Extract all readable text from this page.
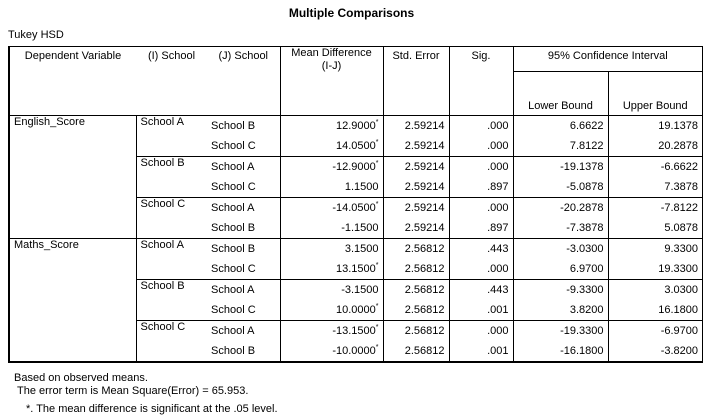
Multiple Comparisons
Tukey HSD
Dependent Variable	(I) School	(J) School	Mean Difference (I-J)	Std. Error	Sig.	95% Confidence Interval	
						Lower Bound	Upper Bound
English_Score	School A	School B	12.9000*	2.59214	.000	6.6622	19.1378
		School C	14.0500*	2.59214	.000	7.8122	20.2878
	School B	School A	-12.9000*	2.59214	.000	-19.1378	-6.6622
		School C	1.1500	2.59214	.897	-5.0878	7.3878
	School C	School A	-14.0500*	2.59214	.000	-20.2878	-7.8122
		School B	-1.1500	2.59214	.897	-7.3878	5.0878
Maths_Score	School A	School B	3.1500	2.56812	.443	-3.0300	9.3300
		School C	13.1500*	2.56812	.000	6.9700	19.3300
	School B	School A	-3.1500	2.56812	.443	-9.3300	3.0300
		School C	10.0000*	2.56812	.001	3.8200	16.1800
	School C	School A	-13.1500*	2.56812	.000	-19.3300	-6.9700
		School B	-10.0000*	2.56812	.001	-16.1800	-3.8200
Based on observed means.
The error term is Mean Square(Error) = 65.953.
*. The mean difference is significant at the .05 level.
